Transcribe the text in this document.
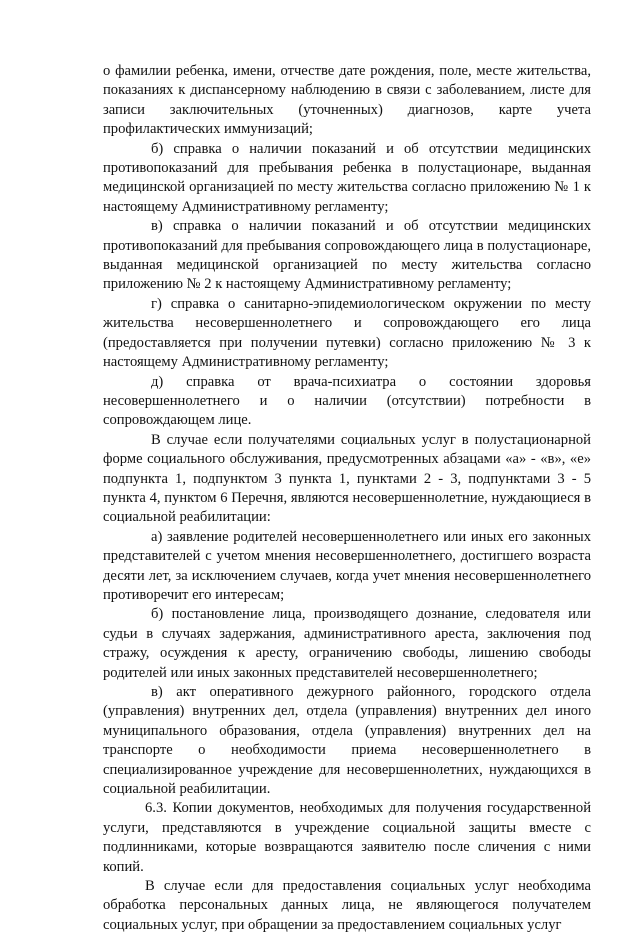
о фамилии ребенка, имени, отчестве дате рождения, поле, месте жительства, показаниях к диспансерному наблюдению в связи с заболеванием, листе для записи заключительных (уточненных) диагнозов, карте учета профилактических иммунизаций;

б) справка о наличии показаний и об отсутствии медицинских противопоказаний для пребывания ребенка в полустационаре, выданная медицинской организацией по месту жительства согласно приложению № 1 к настоящему Административному регламенту;

в) справка о наличии показаний и об отсутствии медицинских противопоказаний для пребывания сопровождающего лица в полустационаре, выданная медицинской организацией по месту жительства согласно приложению № 2 к настоящему Административному регламенту;

г) справка о санитарно-эпидемиологическом окружении по месту жительства несовершеннолетнего и сопровождающего его лица (предоставляется при получении путевки) согласно приложению № 3 к настоящему Административному регламенту;

д) справка от врача-психиатра о состоянии здоровья несовершеннолетнего и о наличии (отсутствии) потребности в сопровождающем лице.

В случае если получателями социальных услуг в полустационарной форме социального обслуживания, предусмотренных абзацами «а» - «в», «е» подпункта 1, подпунктом 3 пункта 1, пунктами 2 - 3, подпунктами 3 - 5 пункта 4, пунктом 6 Перечня, являются несовершеннолетние, нуждающиеся в социальной реабилитации:

а) заявление родителей несовершеннолетнего или иных его законных представителей с учетом мнения несовершеннолетнего, достигшего возраста десяти лет, за исключением случаев, когда учет мнения несовершеннолетнего противоречит его интересам;

б) постановление лица, производящего дознание, следователя или судьи в случаях задержания, административного ареста, заключения под стражу, осуждения к аресту, ограничению свободы, лишению свободы родителей или иных законных представителей несовершеннолетнего;

в) акт оперативного дежурного районного, городского отдела (управления) внутренних дел, отдела (управления) внутренних дел иного муниципального образования, отдела (управления) внутренних дел на транспорте о необходимости приема несовершеннолетнего в специализированное учреждение для несовершеннолетних, нуждающихся в социальной реабилитации.

6.3. Копии документов, необходимых для получения государственной услуги, представляются в учреждение социальной защиты вместе с подлинниками, которые возвращаются заявителю после сличения с ними копий.

В случае если для предоставления социальных услуг необходима обработка персональных данных лица, не являющегося получателем социальных услуг, при обращении за предоставлением социальных услуг
